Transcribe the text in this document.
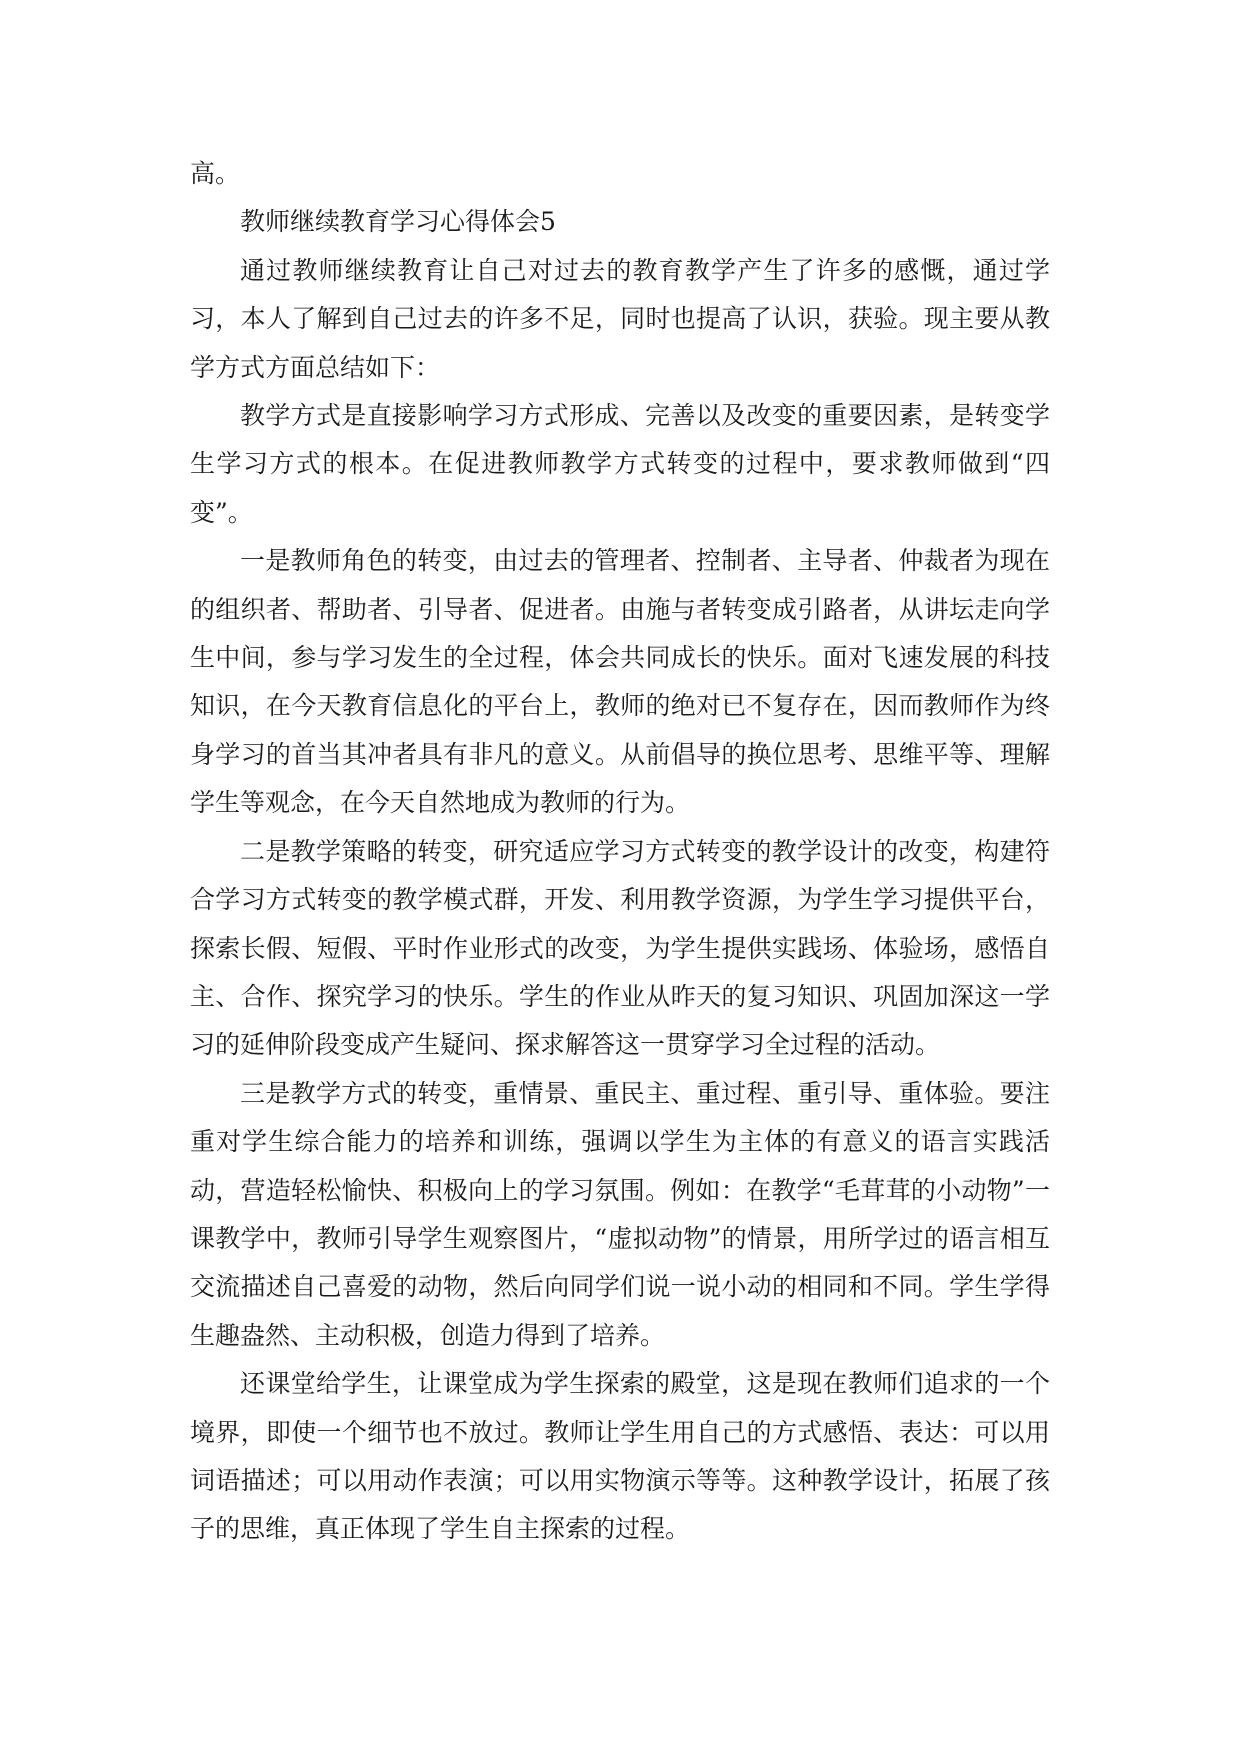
高。

教师继续教育学习心得体会5

通过教师继续教育让自己对过去的教育教学产生了许多的感慨，通过学习，本人了解到自己过去的许多不足，同时也提高了认识，获验。现主要从教学方式方面总结如下：

教学方式是直接影响学习方式形成、完善以及改变的重要因素，是转变学生学习方式的根本。在促进教师教学方式转变的过程中，要求教师做到“四变”。

一是教师角色的转变，由过去的管理者、控制者、主导者、仲裁者为现在的组织者、帮助者、引导者、促进者。由施与者转变成引路者，从讲坛走向学生中间，参与学习发生的全过程，体会共同成长的快乐。面对飞速发展的科技知识，在今天教育信息化的平台上，教师的绝对已不复存在，因而教师作为终身学习的首当其冲者具有非凡的意义。从前倡导的换位思考、思维平等、理解学生等观念，在今天自然地成为教师的行为。

二是教学策略的转变，研究适应学习方式转变的教学设计的改变，构建符合学习方式转变的教学模式群，开发、利用教学资源，为学生学习提供平台，探索长假、短假、平时作业形式的改变，为学生提供实践场、体验场，感悟自主、合作、探究学习的快乐。学生的作业从昨天的复习知识、巩固加深这一学习的延伸阶段变成产生疑问、探求解答这一贯穿学习全过程的活动。

三是教学方式的转变，重情景、重民主、重过程、重引导、重体验。要注重对学生综合能力的培养和训练，强调以学生为主体的有意义的语言实践活动，营造轻松愉快、积极向上的学习氛围。例如：在教学“毛茸茸的小动物”一课教学中，教师引导学生观察图片，“虚拟动物”的情景，用所学过的语言相互交流描述自己喜爱的动物，然后向同学们说一说小动的相同和不同。学生学得生趣盎然、主动积极，创造力得到了培养。

还课堂给学生，让课堂成为学生探索的殿堂，这是现在教师们追求的一个境界，即使一个细节也不放过。教师让学生用自己的方式感悟、表达：可以用词语描述；可以用动作表演；可以用实物演示等等。这种教学设计，拓展了孩子的思维，真正体现了学生自主探索的过程。
